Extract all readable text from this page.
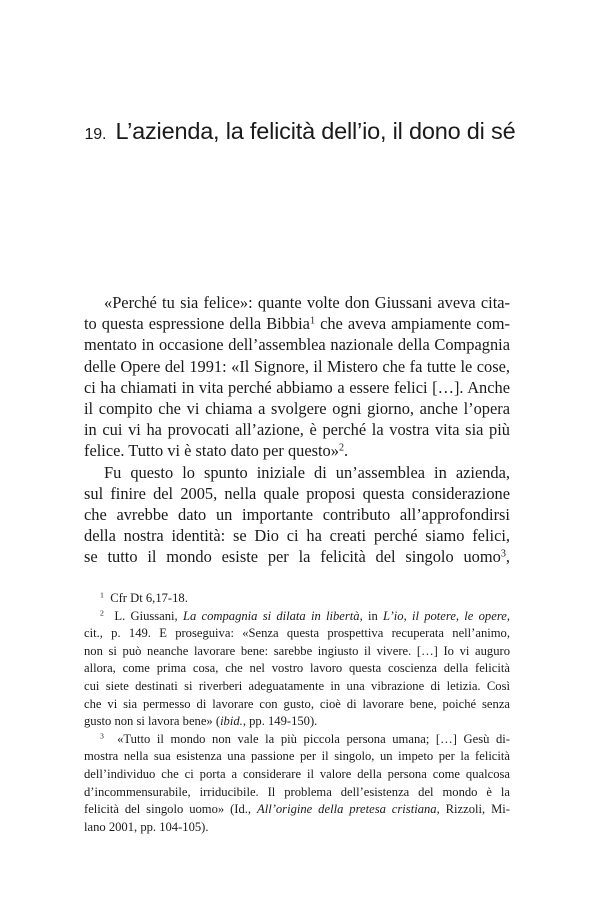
19. L’azienda, la felicità dell’io, il dono di sé
«Perché tu sia felice»: quante volte don Giussani aveva cita-
to questa espressione della Bibbia$^1$ che aveva ampiamente com-
mentato in occasione dell’assemblea nazionale della Compagnia
delle Opere del 1991: «Il Signore, il Mistero che fa tutte le cose,
ci ha chiamati in vita perché abbiamo a essere felici […]. Anche
il compito che vi chiama a svolgere ogni giorno, anche l’opera
in cui vi ha provocati all’azione, è perché la vostra vita sia più
felice. Tutto vi è stato dato per questo»$^2$.
Fu questo lo spunto iniziale di un’assemblea in azienda,
sul finire del 2005, nella quale proposi questa considerazione
che avrebbe dato un importante contributo all’approfondirsi
della nostra identità: se Dio ci ha creati perché siamo felici,
se tutto il mondo esiste per la felicità del singolo uomo$^3$,
$^1$ Cfr Dt 6,17-18.
$^2$ L. Giussani, La compagnia si dilata in libertà, in L’io, il potere, le opere,
cit., p. 149. E proseguiva: «Senza questa prospettiva recuperata nell’animo,
non si può neanche lavorare bene: sarebbe ingiusto il vivere. […] Io vi auguro
allora, come prima cosa, che nel vostro lavoro questa coscienza della felicità
cui siete destinati si riverberi adeguatamente in una vibrazione di letizia. Così
che vi sia permesso di lavorare con gusto, cioè di lavorare bene, poiché senza
gusto non si lavora bene» (ibid., pp. 149-150).
$^3$ «Tutto il mondo non vale la più piccola persona umana; […] Gesù di-
mostra nella sua esistenza una passione per il singolo, un impeto per la felicità
dell’individuo che ci porta a considerare il valore della persona come qualcosa
d’incommensurabile, irriducibile. Il problema dell’esistenza del mondo è la
felicità del singolo uomo» (Id., All’origine della pretesa cristiana, Rizzoli, Mi-
lano 2001, pp. 104-105).
